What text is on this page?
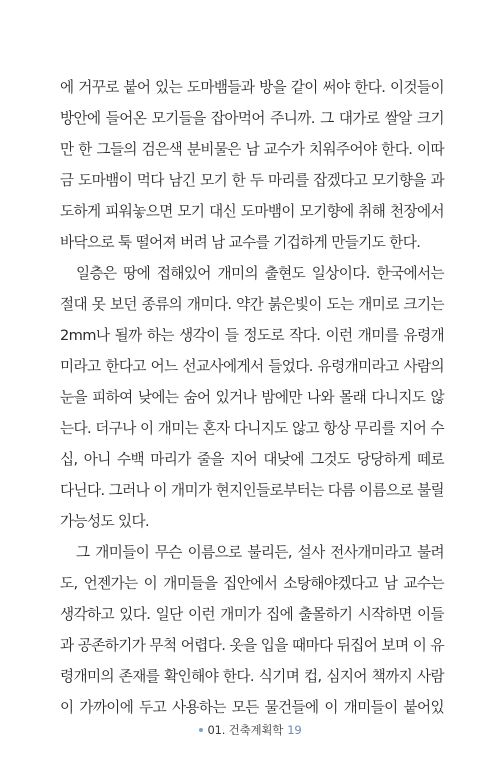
에 거꾸로 붙어 있는 도마뱀들과 방을 같이 써야 한다. 이것들이
방안에 들어온 모기들을 잡아먹어 주니까. 그 대가로 쌀알 크기
만 한 그들의 검은색 분비물은 남 교수가 치워주어야 한다. 이따
금 도마뱀이 먹다 남긴 모기 한 두 마리를 잡겠다고 모기향을 과
도하게 피워놓으면 모기 대신 도마뱀이 모기향에 취해 천장에서
바닥으로 툭 떨어져 버려 남 교수를 기겁하게 만들기도 한다.
일층은 땅에 접해있어 개미의 출현도 일상이다. 한국에서는
절대 못 보던 종류의 개미다. 약간 붉은빛이 도는 개미로 크기는
2mm나 될까 하는 생각이 들 정도로 작다. 이런 개미를 유령개
미라고 한다고 어느 선교사에게서 들었다. 유령개미라고 사람의
눈을 피하여 낮에는 숨어 있거나 밤에만 나와 몰래 다니지도 않
는다. 더구나 이 개미는 혼자 다니지도 않고 항상 무리를 지어 수
십, 아니 수백 마리가 줄을 지어 대낮에 그것도 당당하게 떼로
다닌다. 그러나 이 개미가 현지인들로부터는 다름 이름으로 불릴
가능성도 있다.
그 개미들이 무슨 이름으로 불리든, 설사 전사개미라고 불려
도, 언젠가는 이 개미들을 집안에서 소탕해야겠다고 남 교수는
생각하고 있다. 일단 이런 개미가 집에 출몰하기 시작하면 이들
과 공존하기가 무척 어렵다. 옷을 입을 때마다 뒤집어 보며 이 유
령개미의 존재를 확인해야 한다. 식기며 컵, 심지어 책까지 사람
이 가까이에 두고 사용하는 모든 물건들에 이 개미들이 붙어있
01. 건축계획학 19
